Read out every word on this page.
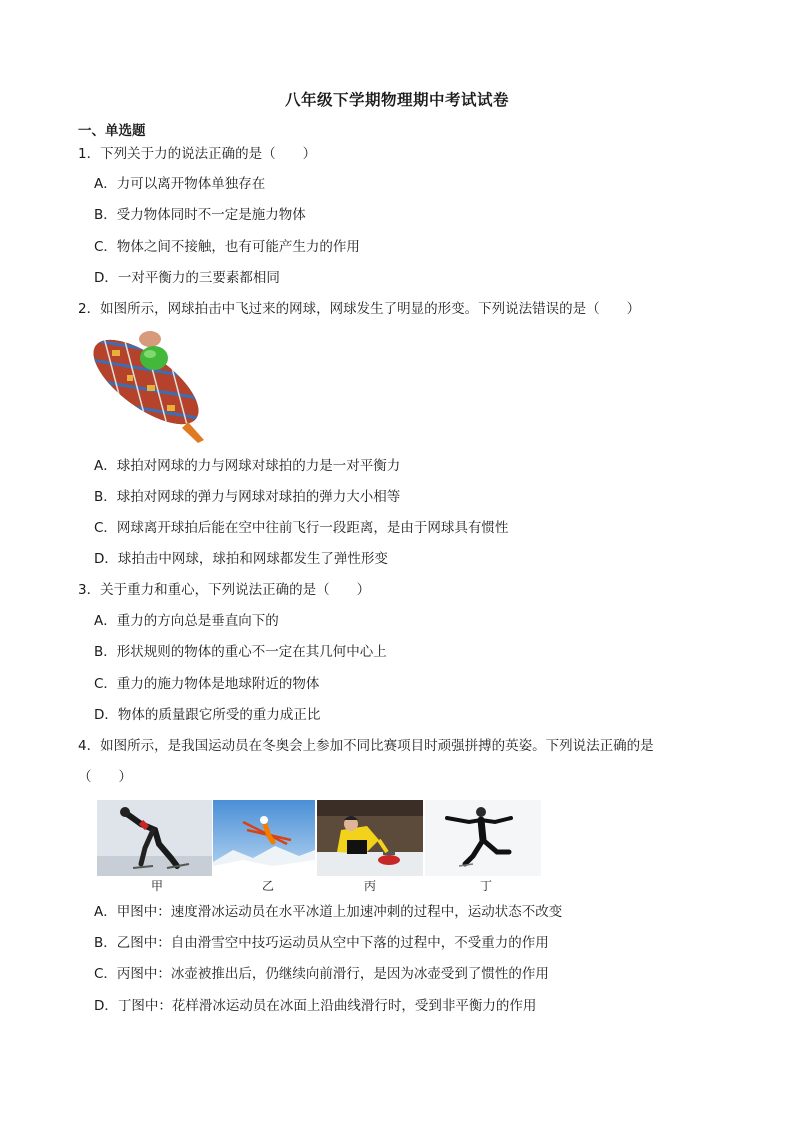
八年级下学期物理期中考试试卷
一、单选题
1．下列关于力的说法正确的是（　　）
A．力可以离开物体单独存在
B．受力物体同时不一定是施力物体
C．物体之间不接触，也有可能产生力的作用
D．一对平衡力的三要素都相同
2．如图所示，网球拍击中飞过来的网球，网球发生了明显的形变。下列说法错误的是（　　）
A．球拍对网球的力与网球对球拍的力是一对平衡力
B．球拍对网球的弹力与网球对球拍的弹力大小相等
C．网球离开球拍后能在空中往前飞行一段距离，是由于网球具有惯性
D．球拍击中网球，球拍和网球都发生了弹性形变
3．关于重力和重心，下列说法正确的是（　　）
A．重力的方向总是垂直向下的
B．形状规则的物体的重心不一定在其几何中心上
C．重力的施力物体是地球附近的物体
D．物体的质量跟它所受的重力成正比
4．如图所示，是我国运动员在冬奥会上参加不同比赛项目时顽强拼搏的英姿。下列说法正确的是
（　　）
甲	乙	丙	丁
A．甲图中：速度滑冰运动员在水平冰道上加速冲刺的过程中，运动状态不改变
B．乙图中：自由滑雪空中技巧运动员从空中下落的过程中，不受重力的作用
C．丙图中：冰壶被推出后，仍继续向前滑行，是因为冰壶受到了惯性的作用
D．丁图中：花样滑冰运动员在冰面上沿曲线滑行时，受到非平衡力的作用
